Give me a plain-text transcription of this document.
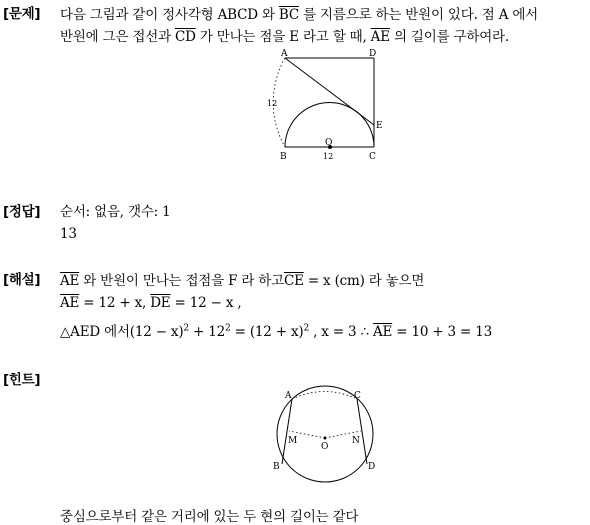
[문제] 다음 그림과 같이 정사각형 ABCD 와 $\overline{BC}$ 를 지름으로 하는 반원이 있다. 점 A 에서
반원에 그은 접선과 $\overline{CD}$ 가 만나는 점을 E 라고 할 때, $\overline{AE}$ 의 길이를 구하여라.
A	D
E
B	C
O
12
12
[정답] 순서: 없음, 갯수: 1
13
[해설] $\overline{AE}$ 와 반원이 만나는 접점을 F 라 하고$\overline{CE} = x$ (cm) 라 놓으면
$\overline{AE} = 12 + x$, $\overline{DE} = 12 - x$ ,
△AED 에서$(12 - x)^2 + 12^2 = (12 + x)^2$ , x = 3 ∴ $\overline{AE} = 10 + 3 = 13$
[힌트]
A	C
B	D
M	N
O
중심으로부터 같은 거리에 있는 두 현의 길이는 같다
